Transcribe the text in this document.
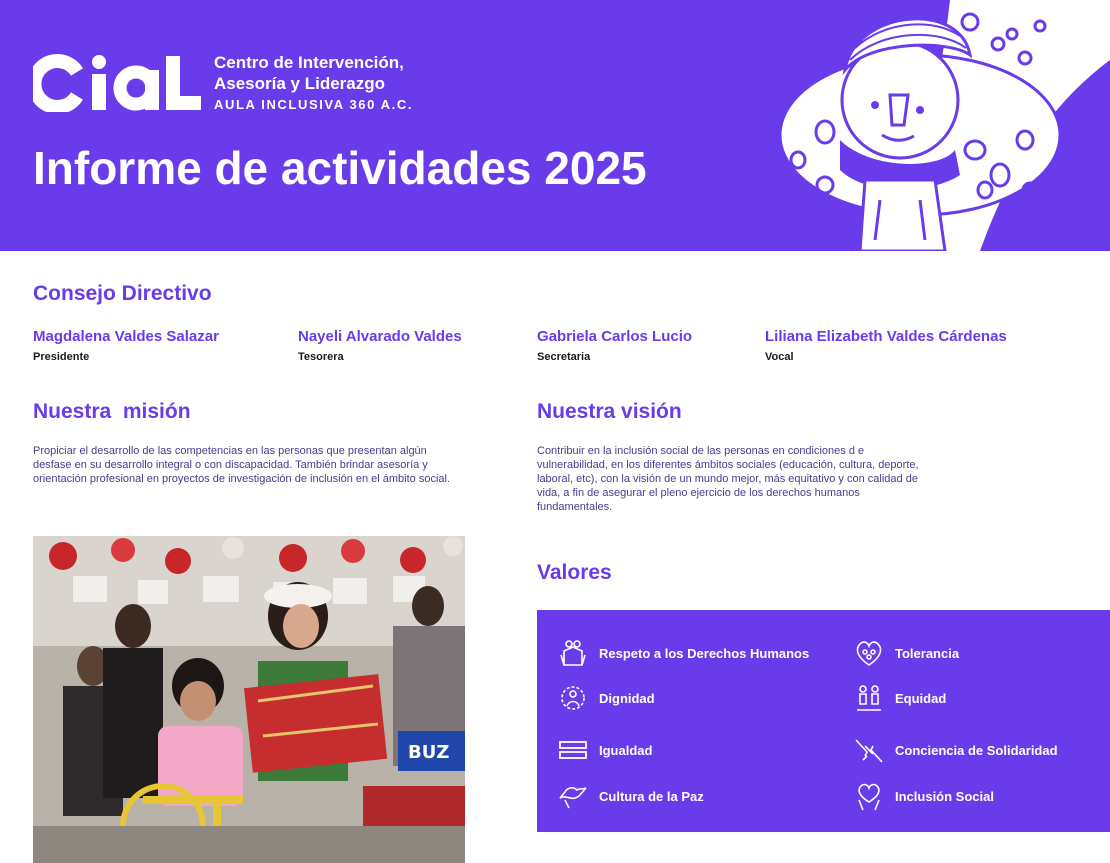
Centro de Intervención,
Asesoría y Liderazgo
AULA INCLUSIVA 360 A.C.
Informe de actividades 2025
Consejo Directivo
Magdalena Valdes Salazar
Presidente
Nayeli Alvarado Valdes
Tesorera
Gabriela Carlos Lucio
Secretaria
Liliana Elizabeth Valdes Cárdenas
Vocal
Nuestra  misión
Propiciar el desarrollo de las competencias en las personas que presentan algún desfase en su desarrollo integral o con discapacidad. También brindar asesoría y orientación profesional en proyectos de investigación de inclusión en el ámbito social.
Nuestra visión
Contribuir en la inclusión social de las personas en condiciones d e vulnerabilidad, en los diferentes ámbitos sociales (educación, cultura, deporte, laboral, etc), con la visión de un mundo mejor, más equitativo y con calidad de vida, a fin de asegurar el pleno ejercicio de los derechos humanos fundamentales.
BUZ
Valores
Respeto a los Derechos Humanos
Dignidad
Igualdad
Cultura de la Paz
Tolerancia
Equidad
Conciencia de Solidaridad
Inclusión Social
